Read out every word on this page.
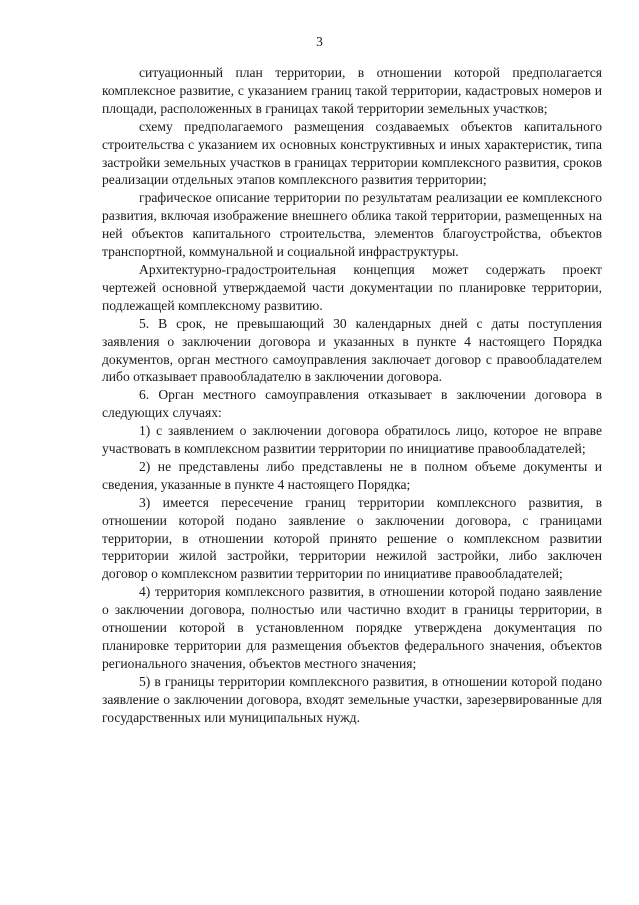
3

ситуационный план территории, в отношении которой предполагается комплексное развитие, с указанием границ такой территории, кадастровых номеров и площади, расположенных в границах такой территории земельных участков;

схему предполагаемого размещения создаваемых объектов капитального строительства с указанием их основных конструктивных и иных характеристик, типа застройки земельных участков в границах территории комплексного развития, сроков реализации отдельных этапов комплексного развития территории;

графическое описание территории по результатам реализации ее комплексного развития, включая изображение внешнего облика такой территории, размещенных на ней объектов капитального строительства, элементов благоустройства, объектов транспортной, коммунальной и социальной инфраструктуры.

Архитектурно-градостроительная концепция может содержать проект чертежей основной утверждаемой части документации по планировке территории, подлежащей комплексному развитию.

5. В срок, не превышающий 30 календарных дней с даты поступления заявления о заключении договора и указанных в пункте 4 настоящего Порядка документов, орган местного самоуправления заключает договор с правообладателем либо отказывает правообладателю в заключении договора.

6. Орган местного самоуправления отказывает в заключении договора в следующих случаях:

1) с заявлением о заключении договора обратилось лицо, которое не вправе участвовать в комплексном развитии территории по инициативе правообладателей;

2) не представлены либо представлены не в полном объеме документы и сведения, указанные в пункте 4 настоящего Порядка;

3) имеется пересечение границ территории комплексного развития, в отношении которой подано заявление о заключении договора, с границами территории, в отношении которой принято решение о комплексном развитии территории жилой застройки, территории нежилой застройки, либо заключен договор о комплексном развитии территории по инициативе правообладателей;

4) территория комплексного развития, в отношении которой подано заявление о заключении договора, полностью или частично входит в границы территории, в отношении которой в установленном порядке утверждена документация по планировке территории для размещения объектов федерального значения, объектов регионального значения, объектов местного значения;

5) в границы территории комплексного развития, в отношении которой подано заявление о заключении договора, входят земельные участки, зарезервированные для государственных или муниципальных нужд.
